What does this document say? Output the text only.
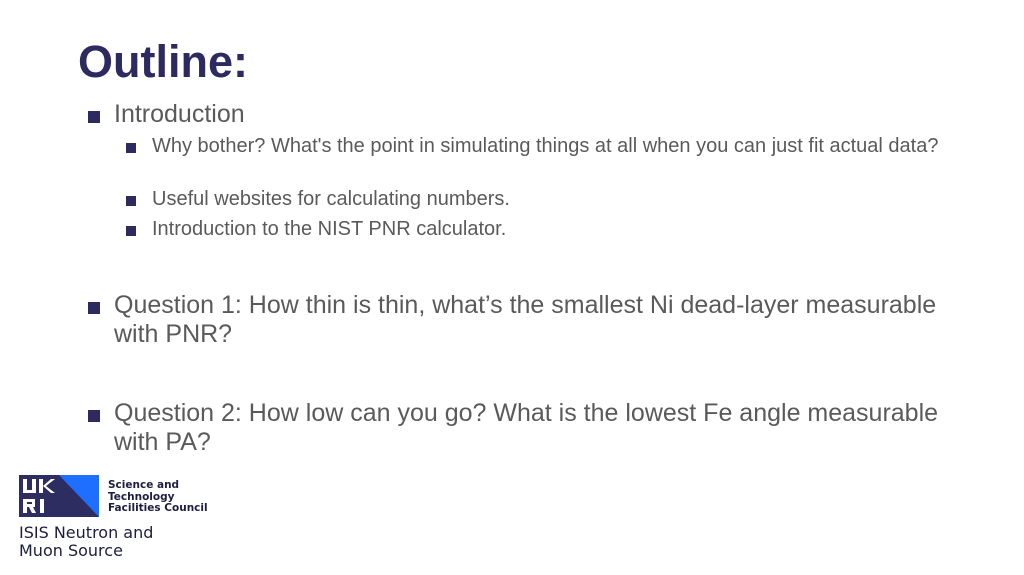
Outline:
Introduction
Why bother? What's the point in simulating things at all when you can just fit actual data?
Useful websites for calculating numbers.
Introduction to the NIST PNR calculator.
Question 1: How thin is thin, what’s the smallest Ni dead-layer measurable with PNR?
Question 2: How low can you go? What is the lowest Fe angle measurable with PA?
Science and
Technology
Facilities Council
ISIS Neutron and
Muon Source
